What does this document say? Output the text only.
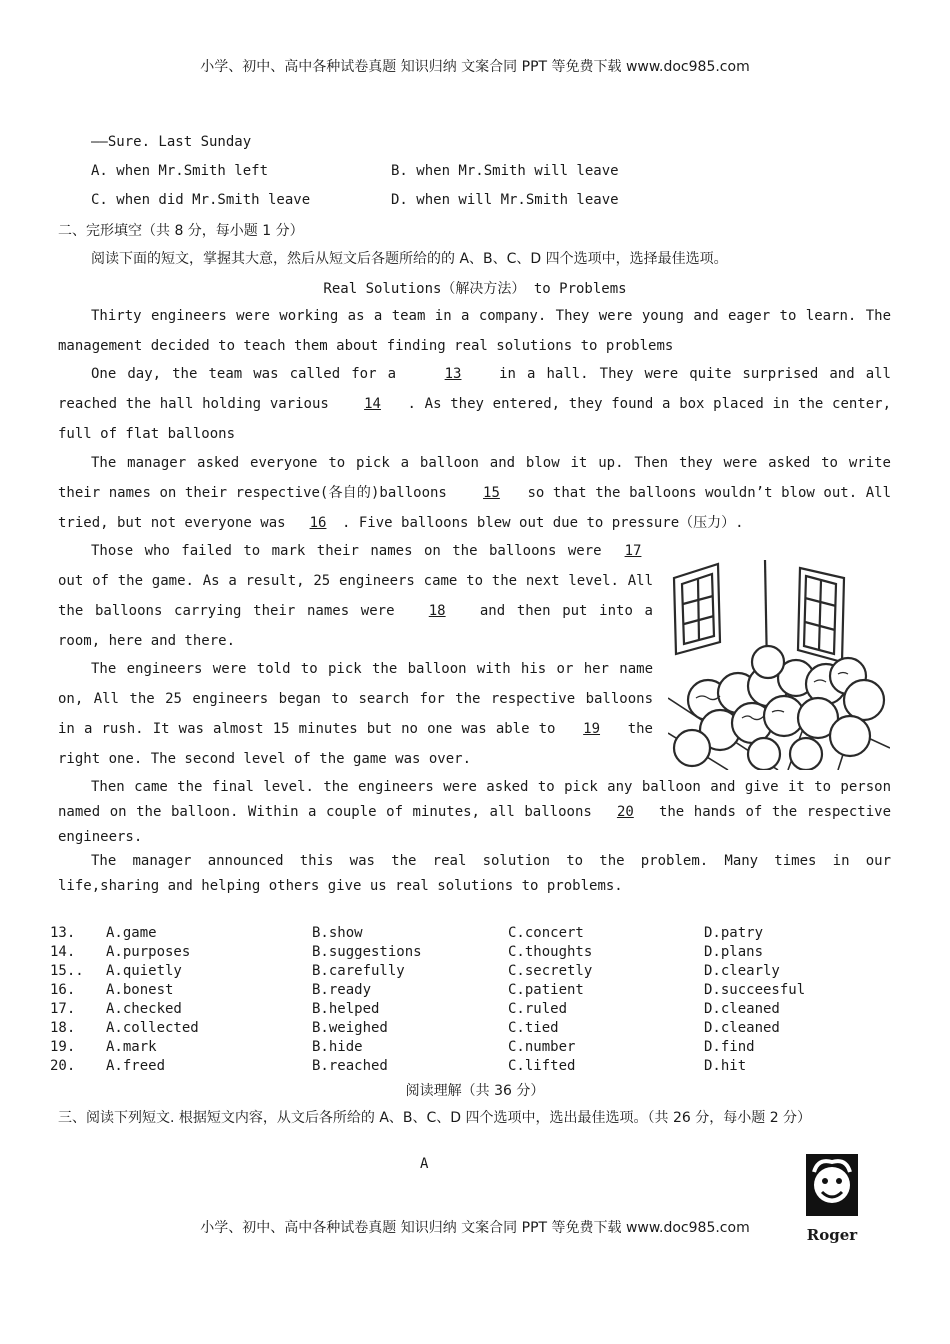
小学、初中、高中各种试卷真题 知识归纳 文案合同 PPT 等免费下载 www.doc985.com
——Sure. Last Sunday
A. when Mr.Smith left	B. when Mr.Smith will leave
C. when did Mr.Smith leave	D. when will Mr.Smith leave
二、完形填空（共 8 分，每小题 1 分）
阅读下面的短文，掌握其大意，然后从短文后各题所给的的 A、B、C、D 四个选项中，选择最佳选项。
Real Solutions（解决方法） to Problems
Thirty engineers were working as a team in a company. They were young and eager to learn. The management decided to teach them about finding real solutions to problems
One day, the team was called for a	13	in a hall. They were quite surprised and all reached the hall holding various	14 . As they entered, they found a box placed in the center, full of flat balloons
The manager asked everyone to pick a balloon and blow it up. Then they were asked to write their names on their respective(各自的)balloons	15 so that the balloons wouldn’t blow out. All tried, but not everyone was 16 . Five balloons blew out due to pressure（压力）.
Those who failed to mark their names on the balloons were 17 out of the game. As a result, 25 engineers came to the next level. All the balloons carrying their names were 18 and then put into a room, here and there.
The engineers were told to pick the balloon with his or her name on, All the 25 engineers began to search for the respective balloons in a rush. It was almost 15 minutes but no one was able to 19 the right one. The second level of the game was over.
Then came the final level. the engineers were asked to pick any balloon and give it to person named on the balloon. Within a couple of minutes, all balloons 20 the hands of the respective engineers.
The manager announced this was the real solution to the problem. Many times in our life,sharing and helping others give us real solutions to problems.
13. A.game	B.show	C.concert	D.patry
14. A.purposes	B.suggestions	C.thoughts	D.plans
15.. A.quietly	B.carefully	C.secretly	D.clearly
16. A.bonest	B.ready	C.patient	D.succeesful
17. A.checked	B.helped	C.ruled	D.cleaned
18. A.collected	B.weighed	C.tied	D.cleaned
19. A.mark	B.hide	C.number	D.find
20. A.freed	B.reached	C.lifted	D.hit
阅读理解（共 36 分）
三、阅读下列短文. 根据短文内容，从文后各所给的 A、B、C、D 四个选项中，选出最佳选项。（共 26 分，每小题 2 分）
A
Roger
小学、初中、高中各种试卷真题 知识归纳 文案合同 PPT 等免费下载 www.doc985.com
